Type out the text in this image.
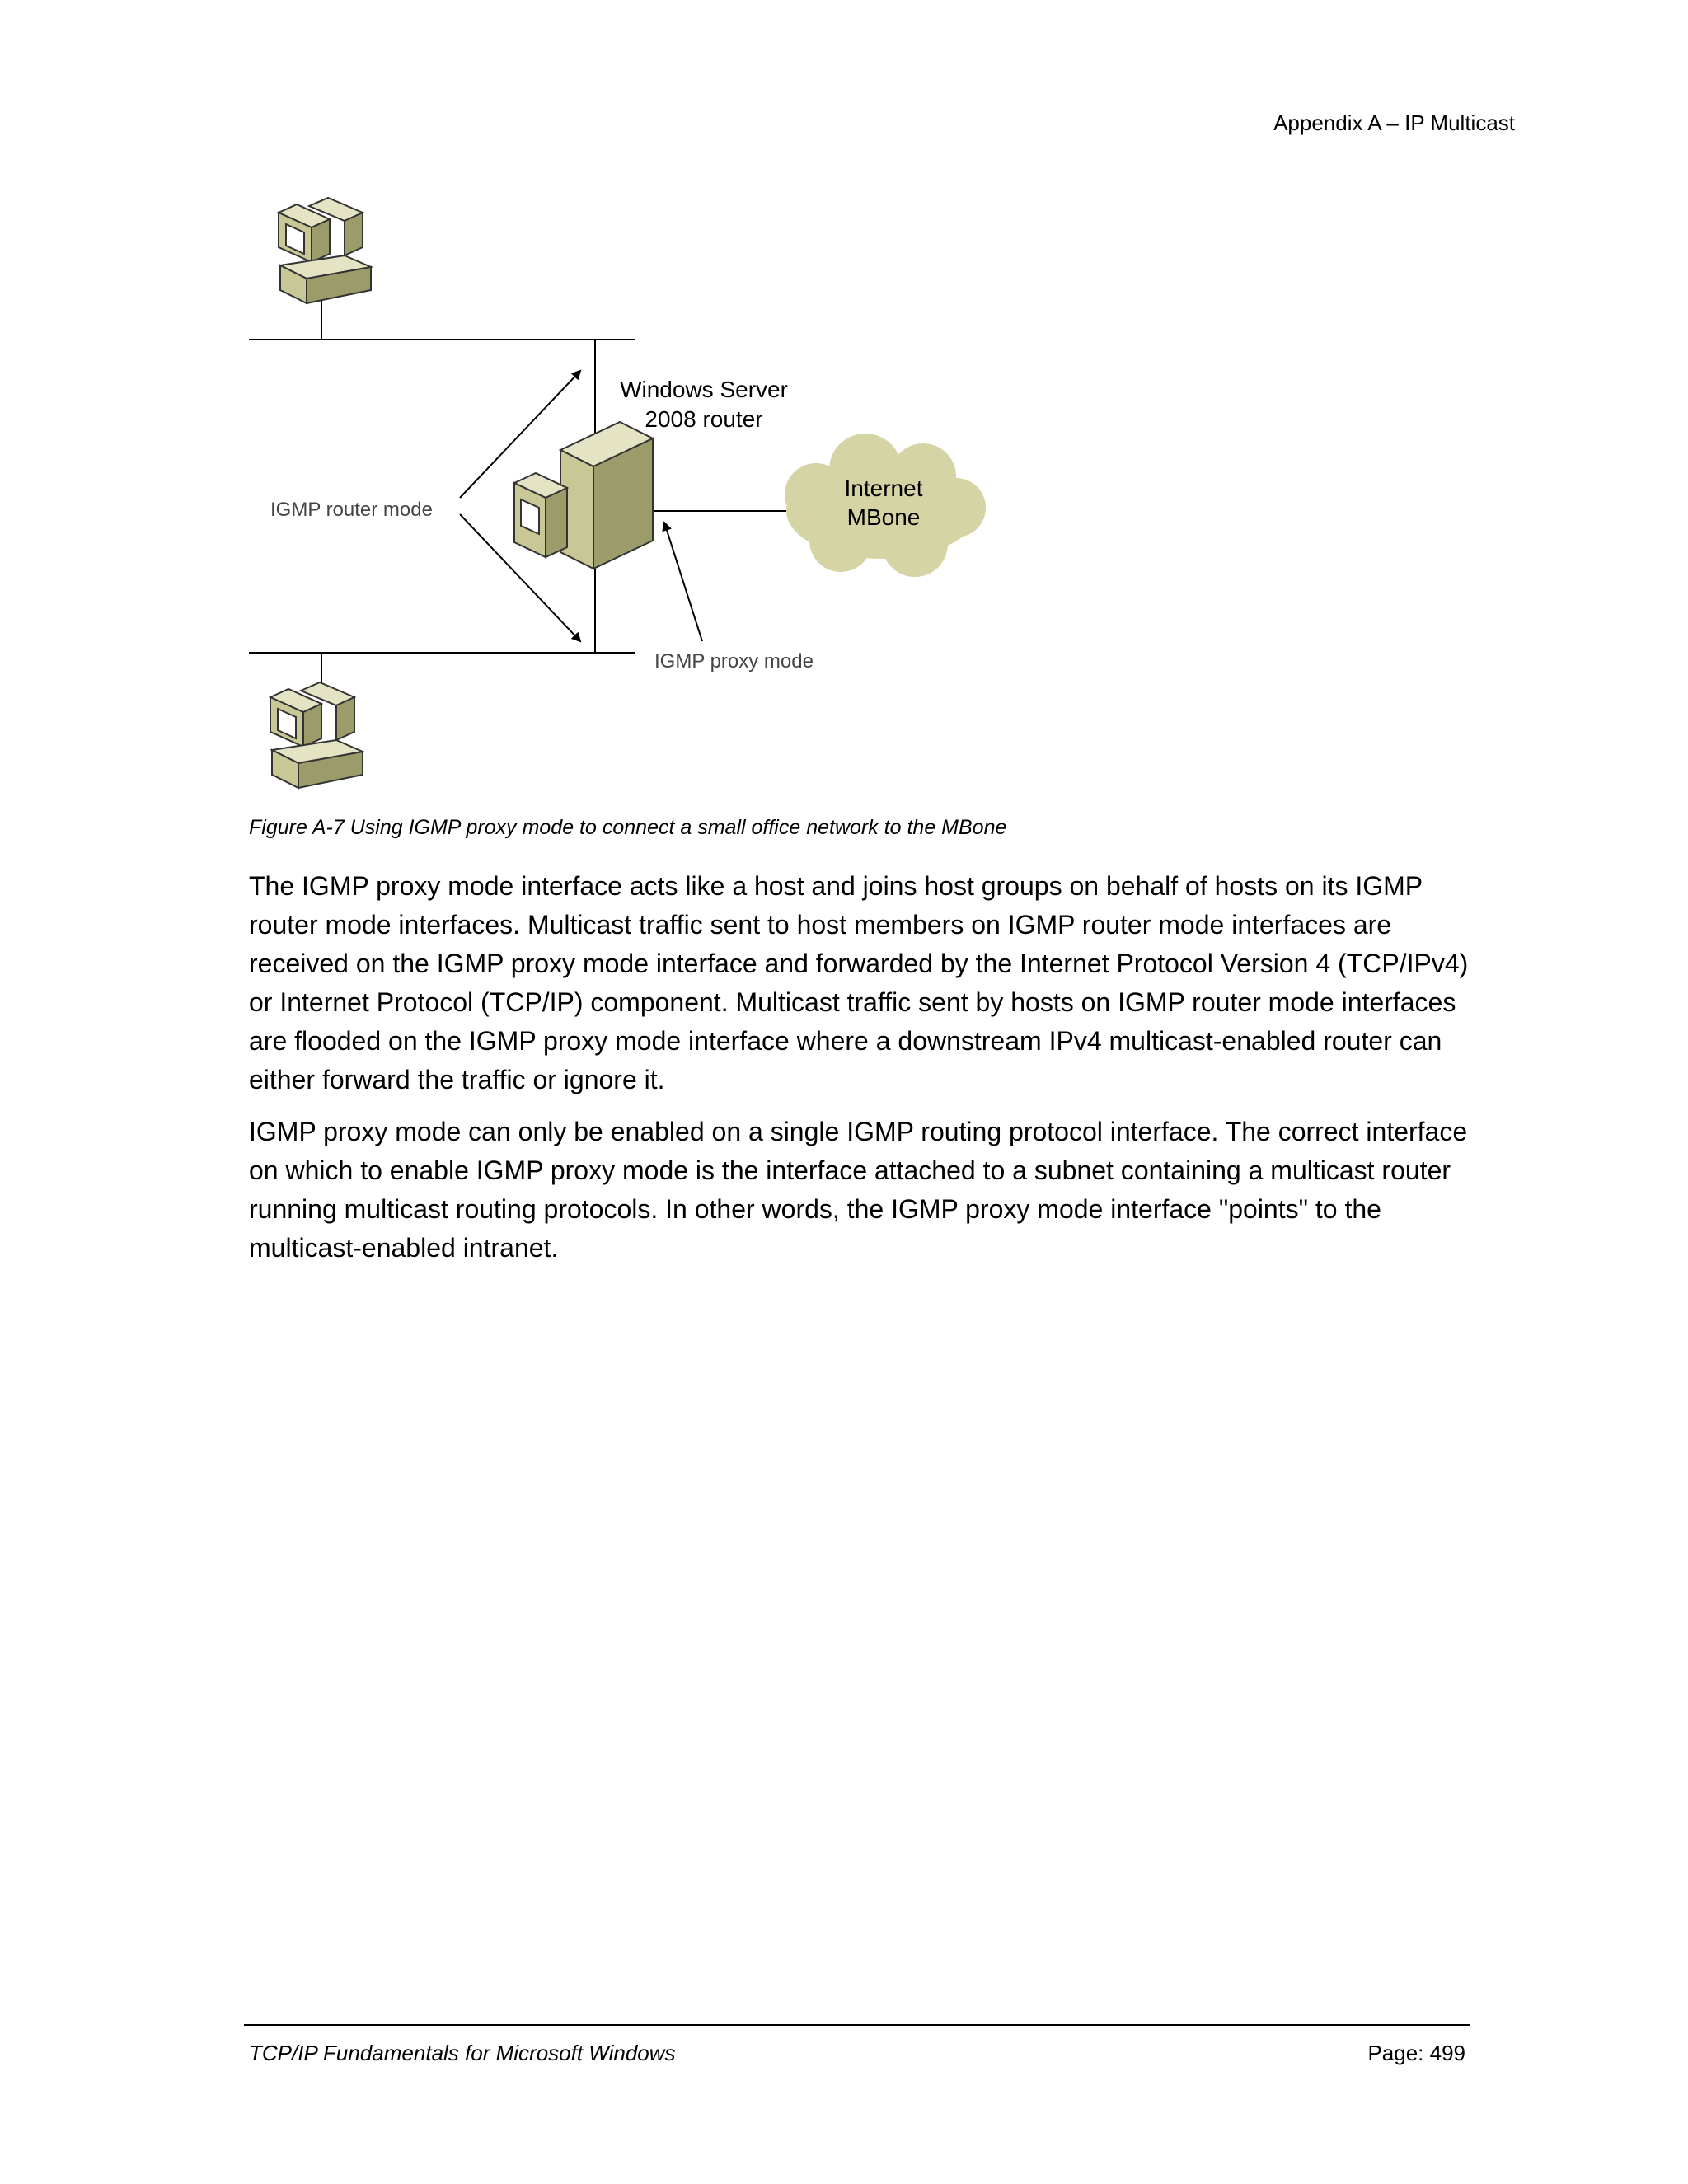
Appendix A – IP Multicast
Windows Server
2008 router
Internet
MBone
IGMP router mode
IGMP proxy mode
Figure A-7 Using IGMP proxy mode to connect a small office network to the MBone
The IGMP proxy mode interface acts like a host and joins host groups on behalf of hosts on its IGMP router mode interfaces. Multicast traffic sent to host members on IGMP router mode interfaces are received on the IGMP proxy mode interface and forwarded by the Internet Protocol Version 4 (TCP/IPv4) or Internet Protocol (TCP/IP) component. Multicast traffic sent by hosts on IGMP router mode interfaces are flooded on the IGMP proxy mode interface where a downstream IPv4 multicast-enabled router can either forward the traffic or ignore it.
IGMP proxy mode can only be enabled on a single IGMP routing protocol interface. The correct interface on which to enable IGMP proxy mode is the interface attached to a subnet containing a multicast router running multicast routing protocols. In other words, the IGMP proxy mode interface "points" to the multicast-enabled intranet.
TCP/IP Fundamentals for Microsoft Windows	Page: 499
